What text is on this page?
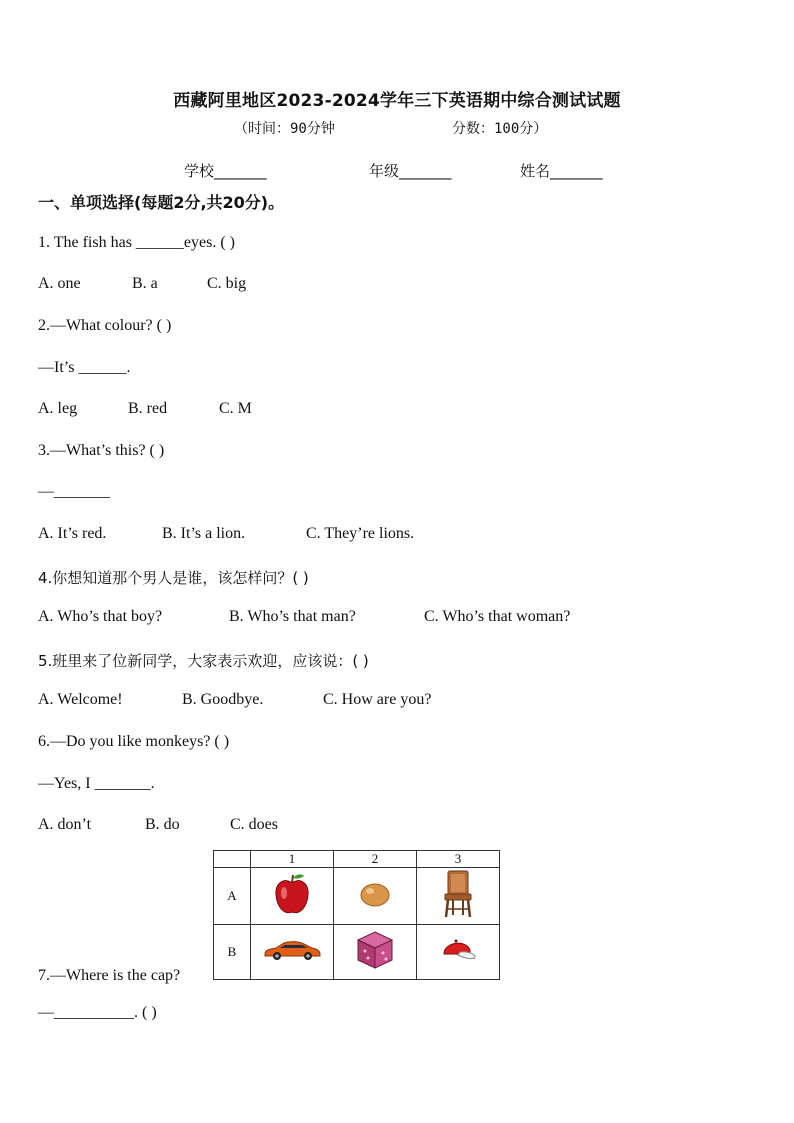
西藏阿里地区2023-2024学年三下英语期中综合测试试题
（时间：90分钟	分数：100分）
学校_______	年级_______	姓名_______
一、单项选择(每题2分,共20分)。
1. The fish has ______eyes. ( )
A. one	B. a	C. big
2.—What colour? ( )
—It’s ______.
A. leg	B. red	C. M
3.—What’s this? ( )
—_______
A. It’s red.	B. It’s a lion.	C. They’re lions.
4.你想知道那个男人是谁，该怎样问？( )
A. Who’s that boy?	B. Who’s that man?	C. Who’s that woman?
5.班里来了位新同学，大家表示欢迎，应该说：( )
A. Welcome!	B. Goodbye.	C. How are you?
6.—Do you like monkeys? ( )
—Yes, I _______.
A. don’t	B. do	C. does
	1	2	3
A			
B			
7.—Where is the cap?
—__________. ( )
